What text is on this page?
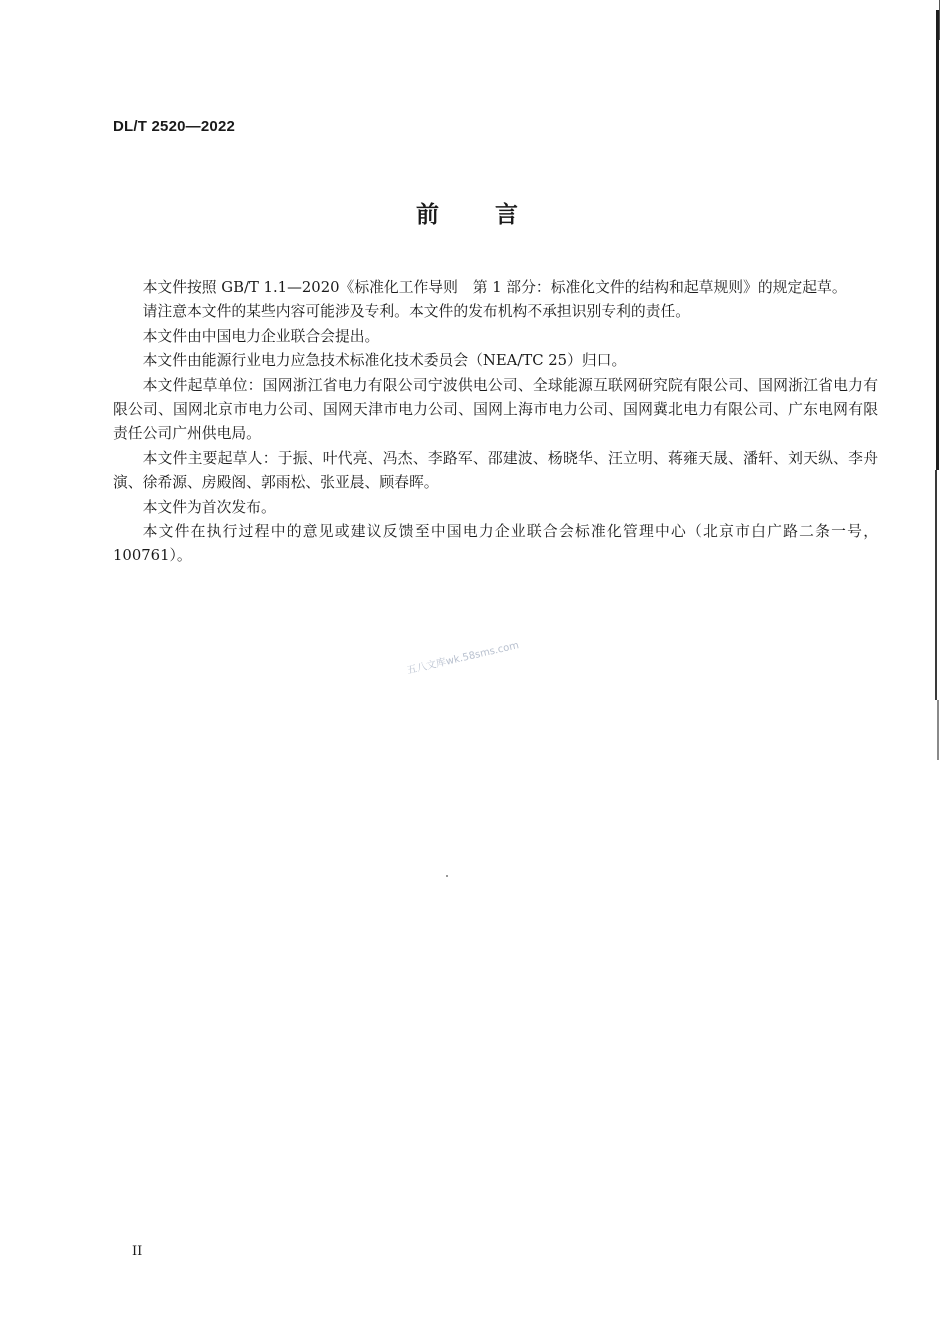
DL/T 2520—2022
前言

本文件按照 GB/T 1.1—2020《标准化工作导则　第 1 部分：标准化文件的结构和起草规则》的规定起草。

请注意本文件的某些内容可能涉及专利。本文件的发布机构不承担识别专利的责任。

本文件由中国电力企业联合会提出。

本文件由能源行业电力应急技术标准化技术委员会（NEA/TC 25）归口。

本文件起草单位：国网浙江省电力有限公司宁波供电公司、全球能源互联网研究院有限公司、国网浙江省电力有限公司、国网北京市电力公司、国网天津市电力公司、国网上海市电力公司、国网冀北电力有限公司、广东电网有限责任公司广州供电局。

本文件主要起草人：于振、叶代亮、冯杰、李路军、邵建波、杨晓华、汪立明、蒋雍天晟、潘轩、刘天纵、李舟演、徐希源、房殿阁、郭雨松、张亚晨、顾春晖。

本文件为首次发布。

本文件在执行过程中的意见或建议反馈至中国电力企业联合会标准化管理中心（北京市白广路二条一号，100761）。

五八文库wk.58sms.com
II
